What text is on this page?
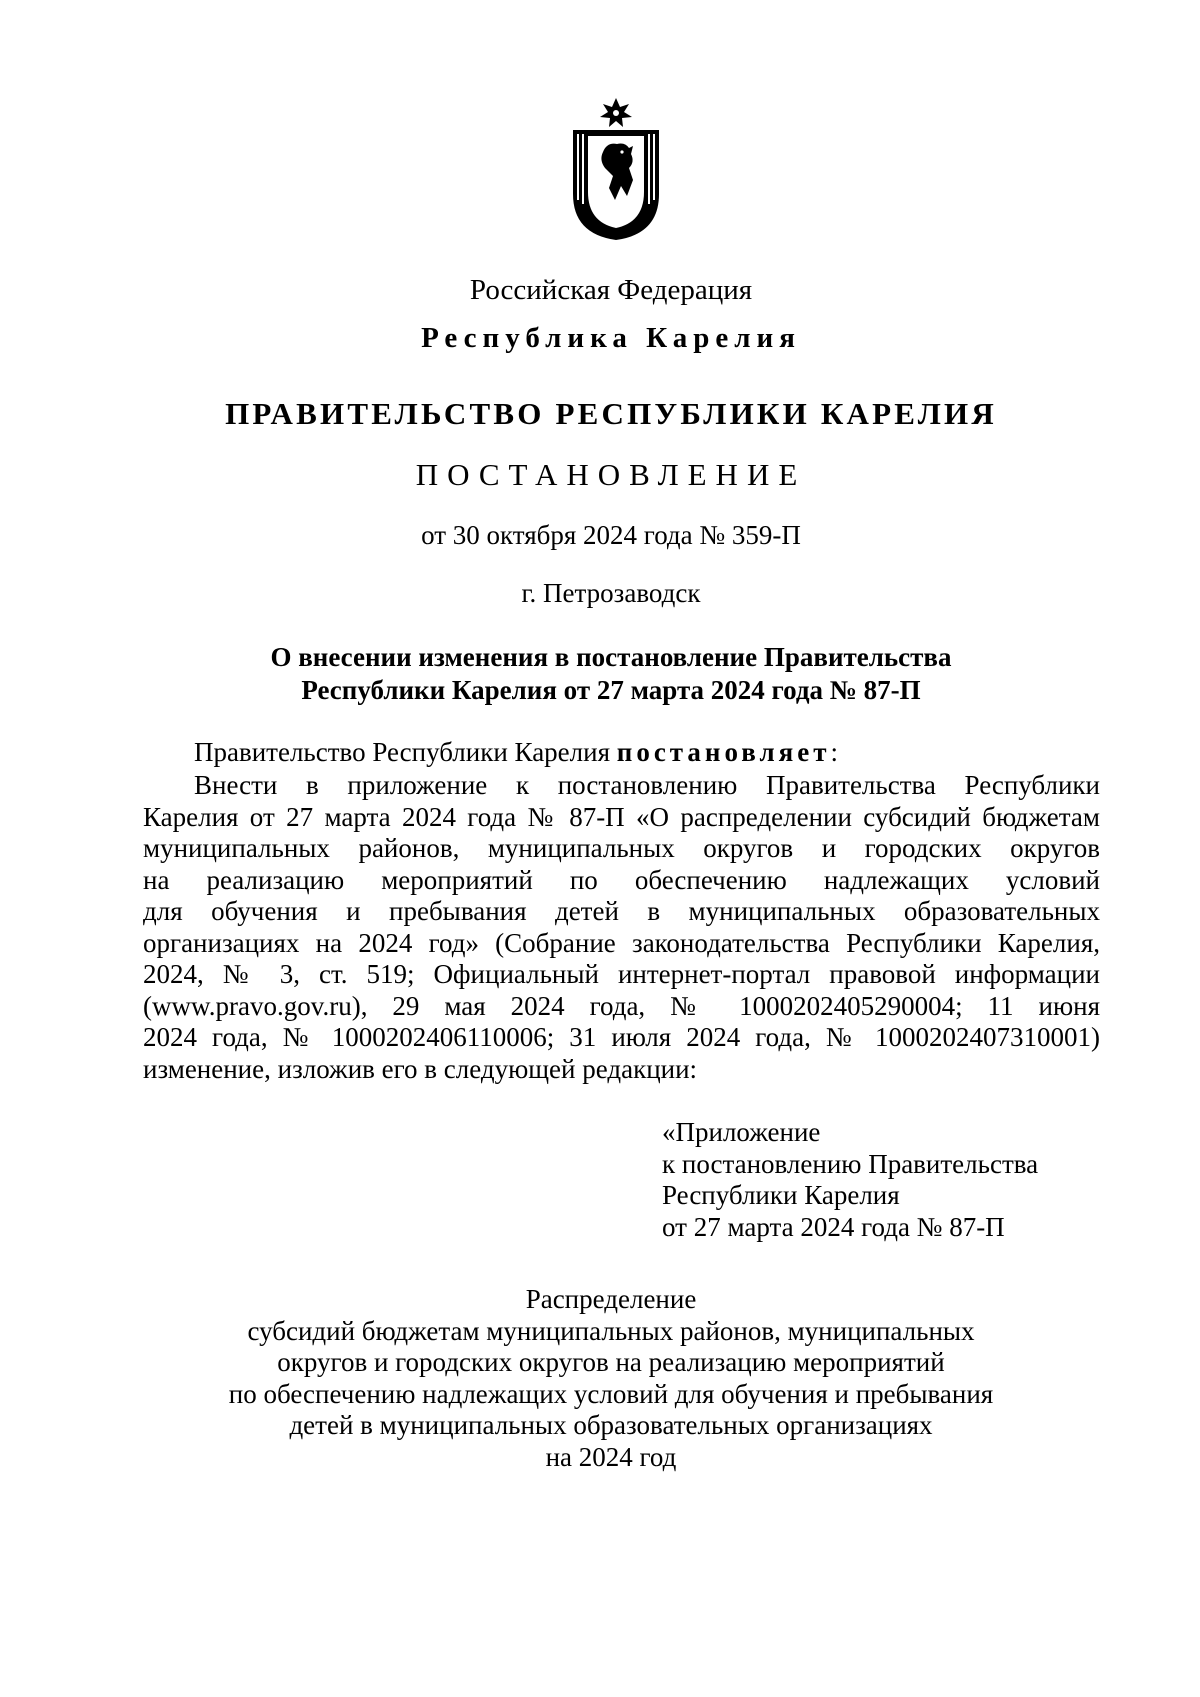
Российская Федерация
Республика Карелия
ПРАВИТЕЛЬСТВО РЕСПУБЛИКИ КАРЕЛИЯ
ПОСТАНОВЛЕНИЕ
от 30 октября 2024 года № 359-П
г. Петрозаводск
О внесении изменения в постановление Правительства
Республики Карелия от 27 марта 2024 года № 87-П
Правительство Республики Карелия постановляет:
Внести в приложение к постановлению Правительства Республики
Карелия от 27 марта 2024 года № 87-П «О распределении субсидий бюджетам
муниципальных районов, муниципальных округов и городских округов
на реализацию мероприятий по обеспечению надлежащих условий
для обучения и пребывания детей в муниципальных образовательных
организациях на 2024 год» (Собрание законодательства Республики Карелия,
2024, № 3, ст. 519; Официальный интернет-портал правовой информации
(www.pravo.gov.ru), 29 мая 2024 года, № 1000202405290004; 11 июня
2024 года, № 1000202406110006; 31 июля 2024 года, № 1000202407310001)
изменение, изложив его в следующей редакции:
«Приложение
к постановлению Правительства
Республики Карелия
от 27 марта 2024 года № 87-П
Распределение
субсидий бюджетам муниципальных районов, муниципальных
округов и городских округов на реализацию мероприятий
по обеспечению надлежащих условий для обучения и пребывания
детей в муниципальных образовательных организациях
на 2024 год
